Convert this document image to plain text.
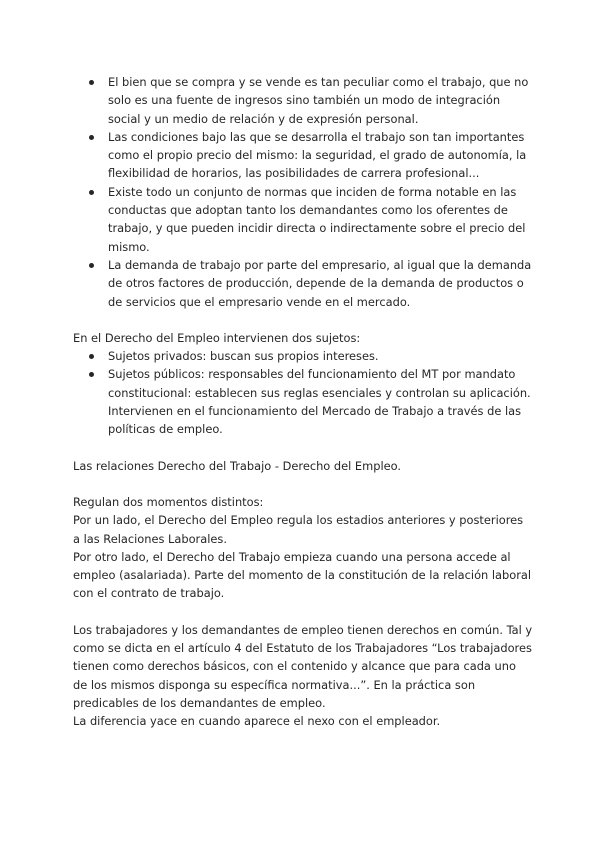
El bien que se compra y se vende es tan peculiar como el trabajo, que no solo es una fuente de ingresos sino también un modo de integración social y un medio de relación y de expresión personal.
Las condiciones bajo las que se desarrolla el trabajo son tan importantes como el propio precio del mismo: la seguridad, el grado de autonomía, la flexibilidad de horarios, las posibilidades de carrera profesional...
Existe todo un conjunto de normas que inciden de forma notable en las conductas que adoptan tanto los demandantes como los oferentes de trabajo, y que pueden incidir directa o indirectamente sobre el precio del mismo.
La demanda de trabajo por parte del empresario, al igual que la demanda de otros factores de producción, depende de la demanda de productos o de servicios que el empresario vende en el mercado.

En el Derecho del Empleo intervienen dos sujetos:

Sujetos privados: buscan sus propios intereses.
Sujetos públicos: responsables del funcionamiento del MT por mandato constitucional: establecen sus reglas esenciales y controlan su aplicación. Intervienen en el funcionamiento del Mercado de Trabajo a través de las políticas de empleo.

Las relaciones Derecho del Trabajo - Derecho del Empleo.

Regulan dos momentos distintos:

Por un lado, el Derecho del Empleo regula los estadios anteriores y posteriores a las Relaciones Laborales.

Por otro lado, el Derecho del Trabajo empieza cuando una persona accede al empleo (asalariada). Parte del momento de la constitución de la relación laboral con el contrato de trabajo.

Los trabajadores y los demandantes de empleo tienen derechos en común. Tal y como se dicta en el artículo 4 del Estatuto de los Trabajadores “Los trabajadores tienen como derechos básicos, con el contenido y alcance que para cada uno de los mismos disponga su específica normativa...”. En la práctica son predicables de los demandantes de empleo.

La diferencia yace en cuando aparece el nexo con el empleador.
